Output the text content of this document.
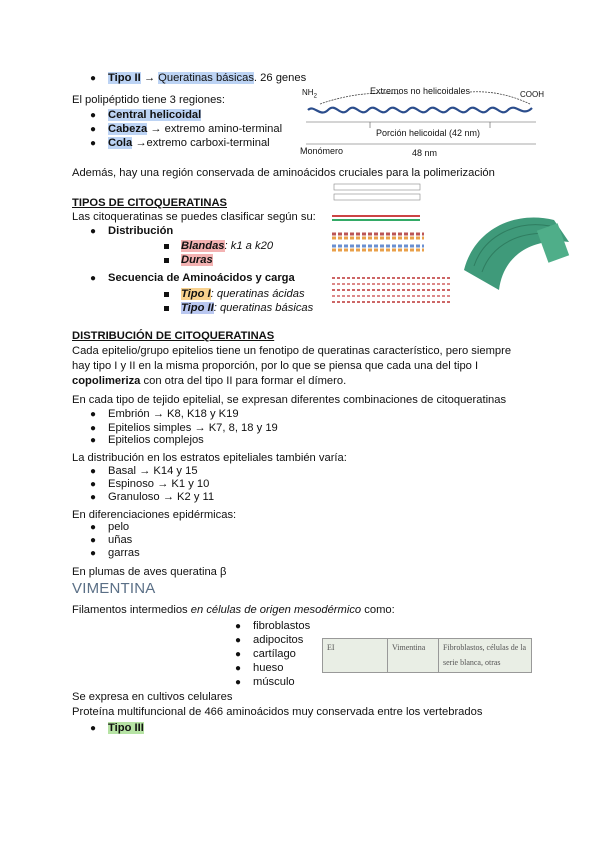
● Tipo II → Queratinas básicas. 26 genes
El polipéptido tiene 3 regiones:
● Central helicoidal
● Cabeza → extremo amino-terminal
● Cola →extremo carboxi-terminal
$NH_2$
Extremos no helicoidales	COOH
Porción helicoidal (42 nm)
Monómero	48 nm
Además, hay una región conservada de aminoácidos cruciales para la polimerización
TIPOS DE CITOQUERATINAS
Las citoqueratinas se puedes clasificar según su:
● Distribución
Blandas: k1 a k20
Duras
● Secuencia de Aminoácidos y carga
Tipo I: queratinas ácidas
Tipo II: queratinas básicas
DISTRIBUCIÓN DE CITOQUERATINAS
Cada epitelio/grupo epitelios tiene un fenotipo de queratinas característico, pero siempre
hay tipo I y II en la misma proporción, por lo que se piensa que cada una del tipo I
copolimeriza con otra del tipo II para formar el dímero.
En cada tipo de tejido epitelial, se expresan diferentes combinaciones de citoqueratinas
● Embrión → K8, K18 y K19
● Epitelios simples → K7, 8, 18 y 19
● Epitelios complejos
La distribución en los estratos epiteliales también varía:
● Basal → K14 y 15
● Espinoso → K1 y 10
● Granuloso → K2 y 11
En diferenciaciones epidérmicas:
● pelo
● uñas
● garras
En plumas de aves queratina β
VIMENTINA
Filamentos intermedios en células de origen mesodérmico como:
● fibroblastos
● adipocitos
● cartílago
● hueso
● músculo
EI	Vimentina	Fibroblastos, células de la serie blanca, otras
Se expresa en cultivos celulares
Proteína multifuncional de 466 aminoácidos muy conservada entre los vertebrados
● Tipo III
